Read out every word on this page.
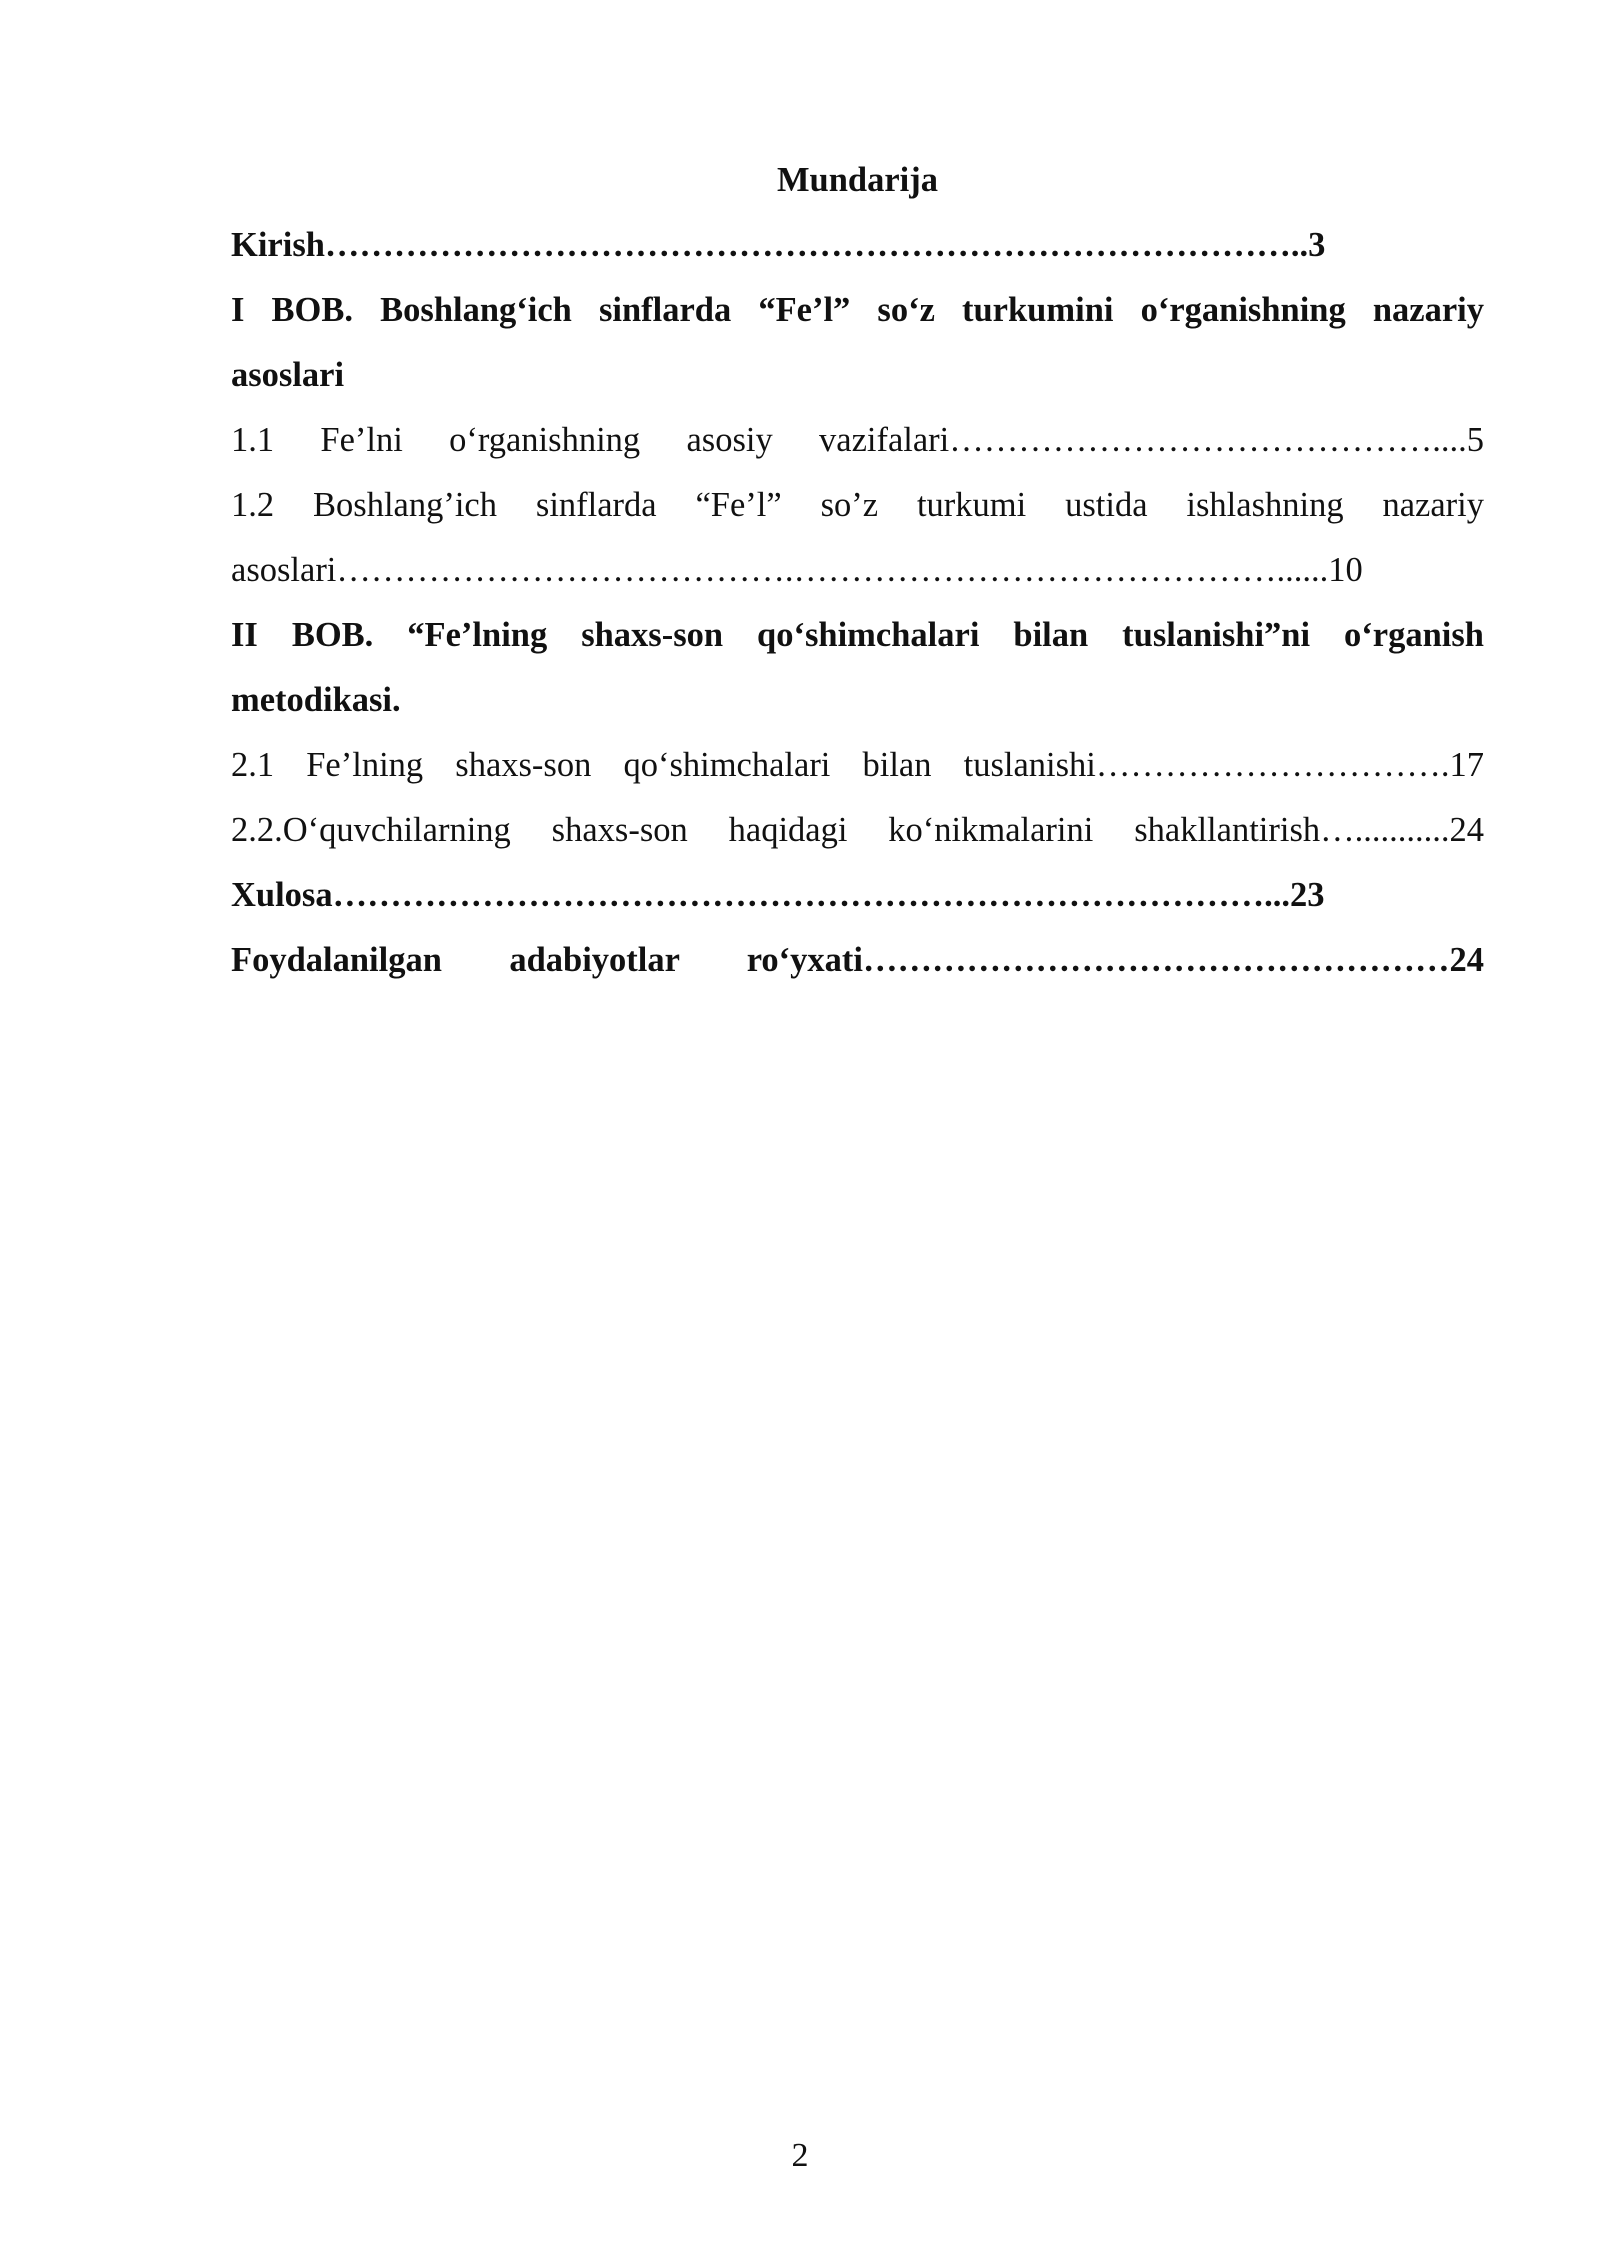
Mundarija
Kirish…………………………………………………………………………..3
I BOB. Boshlang‘ich sinflarda “Fe’l” so‘z turkumini o‘rganishning nazariy
asoslari
1.1 Fe’lni o‘rganishning asosiy vazifalari……………………………………....5
1.2 Boshlang’ich sinflarda “Fe’l” so’z turkumi ustida ishlashning nazariy
asoslari………………………………….……………………………………......10
II BOB. “Fe’lning shaxs-son qo‘shimchalari bilan tuslanishi”ni o‘rganish
metodikasi.
2.1 Fe’lning shaxs-son qo‘shimchalari bilan tuslanishi………………………….17
2.2.O‘quvchilarning shaxs-son haqidagi ko‘nikmalarini shakllantirish…...........24
Xulosa………………………………………………………………………...23
Foydalanilgan adabiyotlar ro‘yxati……………………………………………24
2
